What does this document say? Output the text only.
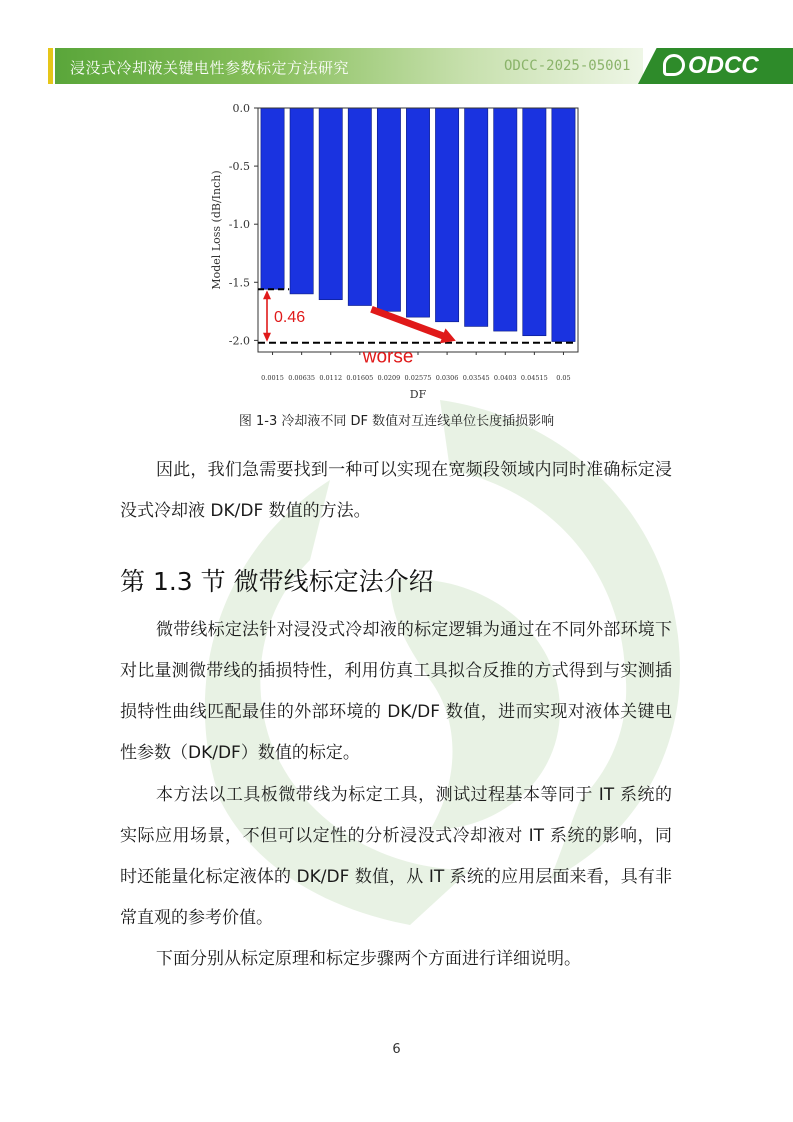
浸没式冷却液关键电性参数标定方法研究	ODCC-2025-05001 ODCC
0.0
-0.5
-1.0
-1.5
-2.0
0.0015 0.00635 0.0112 0.01605 0.0209 0.02575 0.0306 0.03545 0.0403 0.04515 0.05
DF
Model Loss (dB/Inch)
0.46
worse
图 1-3 冷却液不同 DF 数值对互连线单位长度插损影响
因此，我们急需要找到一种可以实现在宽频段领域内同时准确标定浸没式冷却液 DK/DF 数值的方法。
第 1.3 节 微带线标定法介绍
微带线标定法针对浸没式冷却液的标定逻辑为通过在不同外部环境下对比量测微带线的插损特性，利用仿真工具拟合反推的方式得到与实测插损特性曲线匹配最佳的外部环境的 DK/DF 数值，进而实现对液体关键电性参数（DK/DF）数值的标定。
本方法以工具板微带线为标定工具，测试过程基本等同于 IT 系统的实际应用场景，不但可以定性的分析浸没式冷却液对 IT 系统的影响，同时还能量化标定液体的 DK/DF 数值，从 IT 系统的应用层面来看，具有非常直观的参考价值。
下面分别从标定原理和标定步骤两个方面进行详细说明。
6
